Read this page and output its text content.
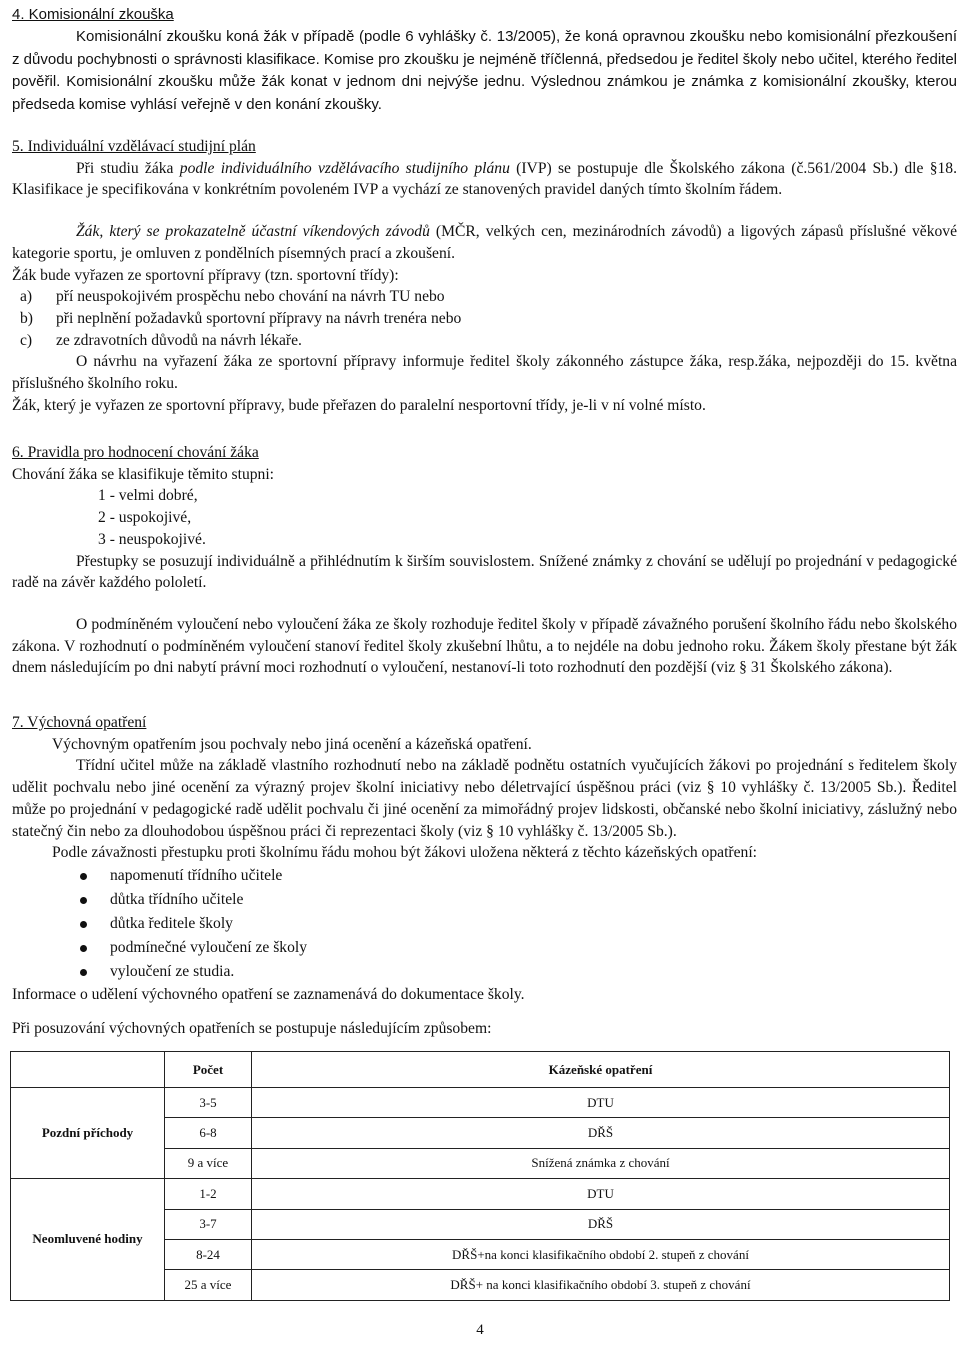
4. Komisionální zkouška

Komisionální zkoušku koná žák v případě (podle 6 vyhlášky č. 13/2005), že koná opravnou zkoušku nebo komisionální přezkoušení z důvodu pochybnosti o správnosti klasifikace. Komise pro zkoušku je nejméně tříčlenná, předsedou je ředitel školy nebo učitel, kterého ředitel pověřil. Komisionální zkoušku může žák konat v jednom dni nejvýše jednu. Výslednou známkou je známka z komisionální zkoušky, kterou předseda komise vyhlásí veřejně v den konání zkoušky.

5. Individuální vzdělávací studijní plán

Při studiu žáka podle individuálního vzdělávacího studijního plánu (IVP) se postupuje dle Školského zákona (č.561/2004 Sb.) dle §18. Klasifikace je specifikována v konkrétním povoleném IVP a vychází ze stanovených pravidel daných tímto školním řádem.

Žák, který se prokazatelně účastní víkendových závodů (MČR, velkých cen, mezinárodních závodů) a ligových zápasů příslušné věkové kategorie sportu, je omluven z pondělních písemných prací a zkoušení.

Žák bude vyřazen ze sportovní přípravy (tzn. sportovní třídy):

a) pří neuspokojivém prospěchu nebo chování na návrh TU nebo
b) při neplnění požadavků sportovní přípravy na návrh trenéra nebo
c) ze zdravotních důvodů na návrh lékaře.

O návrhu na vyřazení žáka ze sportovní přípravy informuje ředitel školy zákonného zástupce žáka, resp.žáka, nejpozději do 15. května příslušného školního roku.

Žák, který je vyřazen ze sportovní přípravy, bude přeřazen do paralelní nesportovní třídy, je-li v ní volné místo.

6. Pravidla pro hodnocení chování žáka

Chování žáka se klasifikuje těmito stupni:

1 - velmi dobré,
2 - uspokojivé,
3 - neuspokojivé.

Přestupky se posuzují individuálně a přihlédnutím k širším souvislostem. Snížené známky z chování se udělují po projednání v pedagogické radě na závěr každého pololetí.

O podmíněném vyloučení nebo vyloučení žáka ze školy rozhoduje ředitel školy v případě závažného porušení školního řádu nebo školského zákona. V rozhodnutí o podmíněném vyloučení stanoví ředitel školy zkušební lhůtu, a to nejdéle na dobu jednoho roku. Žákem školy přestane být žák dnem následujícím po dni nabytí právní moci rozhodnutí o vyloučení, nestanoví-li toto rozhodnutí den pozdější (viz § 31 Školského zákona).

7. Výchovná opatření

Výchovným opatřením jsou pochvaly nebo jiná ocenění a kázeňská opatření.

Třídní učitel může na základě vlastního rozhodnutí nebo na základě podnětu ostatních vyučujících žákovi po projednání s ředitelem školy udělit pochvalu nebo jiné ocenění za výrazný projev školní iniciativy nebo déletrvající úspěšnou práci (viz § 10 vyhlášky č. 13/2005 Sb.). Ředitel může po projednání v pedagogické radě udělit pochvalu či jiné ocenění za mimořádný projev lidskosti, občanské nebo školní iniciativy, záslužný nebo statečný čin nebo za dlouhodobou úspěšnou práci či reprezentaci školy (viz § 10 vyhlášky č. 13/2005 Sb.).

Podle závažnosti přestupku proti školnímu řádu mohou být žákovi uložena některá z těchto kázeňských opatření:

napomenutí třídního učitele
důtka třídního učitele
důtka ředitele školy
podmínečné vyloučení ze školy
vyloučení ze studia.

Informace o udělení výchovného opatření se zaznamenává do dokumentace školy.

Při posuzování výchovných opatřeních se postupuje následujícím způsobem:

	Počet	Kázeňské opatření
Pozdní příchody	3-5	DTU
	6-8	DŘŠ
	9 a více	Snížená známka z chování
Neomluvené hodiny	1-2	DTU
	3-7	DŘŠ
	8-24	DŘŠ+na konci klasifikačního období 2. stupeň z chování
	25 a více	DŘŠ+ na konci klasifikačního období 3. stupeň z chování
4
